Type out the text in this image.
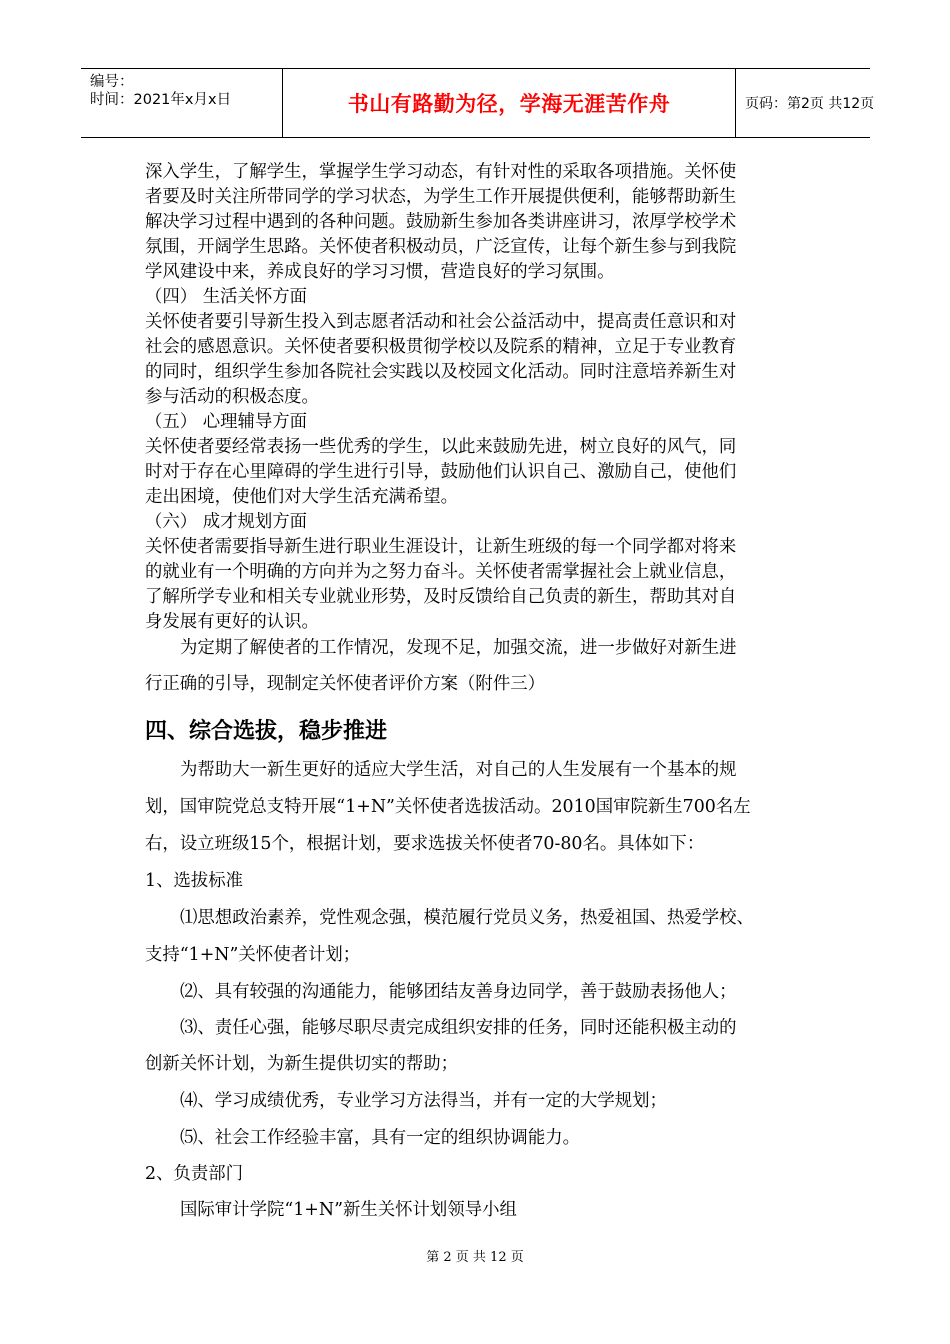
编号：
时间：2021年x月x日	书山有路勤为径，学海无涯苦作舟	页码：第2页 共12页
深入学生，了解学生，掌握学生学习动态，有针对性的采取各项措施。关怀使
者要及时关注所带同学的学习状态，为学生工作开展提供便利，能够帮助新生
解决学习过程中遇到的各种问题。鼓励新生参加各类讲座讲习，浓厚学校学术
氛围，开阔学生思路。关怀使者积极动员，广泛宣传，让每个新生参与到我院
学风建设中来，养成良好的学习习惯，营造良好的学习氛围。
（四） 生活关怀方面
关怀使者要引导新生投入到志愿者活动和社会公益活动中，提高责任意识和对
社会的感恩意识。关怀使者要积极贯彻学校以及院系的精神，立足于专业教育
的同时，组织学生参加各院社会实践以及校园文化活动。同时注意培养新生对
参与活动的积极态度。
（五） 心理辅导方面
关怀使者要经常表扬一些优秀的学生，以此来鼓励先进，树立良好的风气，同
时对于存在心里障碍的学生进行引导，鼓励他们认识自己、激励自己，使他们
走出困境，使他们对大学生活充满希望。
（六） 成才规划方面
关怀使者需要指导新生进行职业生涯设计，让新生班级的每一个同学都对将来
的就业有一个明确的方向并为之努力奋斗。关怀使者需掌握社会上就业信息，
了解所学专业和相关专业就业形势，及时反馈给自己负责的新生，帮助其对自
身发展有更好的认识。
为定期了解使者的工作情况，发现不足，加强交流，进一步做好对新生进
行正确的引导，现制定关怀使者评价方案（附件三）
四、综合选拔，稳步推进
为帮助大一新生更好的适应大学生活，对自己的人生发展有一个基本的规
划，国审院党总支特开展“1+N”关怀使者选拔活动。2010国审院新生700名左
右，设立班级15个，根据计划，要求选拔关怀使者70-80名。具体如下：
1、选拔标准
⑴思想政治素养，党性观念强，模范履行党员义务，热爱祖国、热爱学校、
支持“1+N”关怀使者计划；
⑵、具有较强的沟通能力，能够团结友善身边同学，善于鼓励表扬他人；
⑶、责任心强，能够尽职尽责完成组织安排的任务，同时还能积极主动的
创新关怀计划，为新生提供切实的帮助；
⑷、学习成绩优秀，专业学习方法得当，并有一定的大学规划；
⑸、社会工作经验丰富，具有一定的组织协调能力。
2、负责部门
国际审计学院“1+N”新生关怀计划领导小组
第 2 页 共 12 页
